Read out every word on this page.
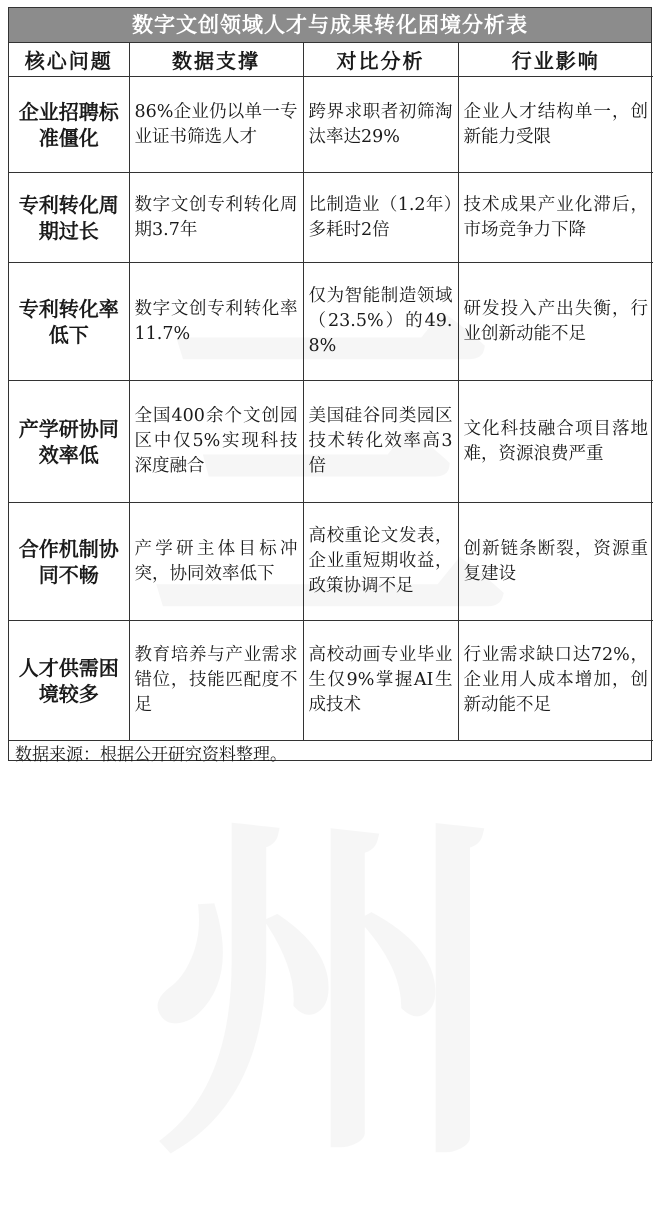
数字文创领域人才与成果转化困境分析表
核心问题	数据支撑	对比分析	行业影响
企业招聘标准僵化	86%企业仍以单一专业证书筛选人才	跨界求职者初筛淘汰率达29%	企业人才结构单一，创新能力受限
专利转化周期过长	数字文创专利转化周期3.7年	比制造业（1.2年）多耗时2倍	技术成果产业化滞后，市场竞争力下降
专利转化率低下	数字文创专利转化率11.7%	仅为智能制造领域（23.5%）的49.8%	研发投入产出失衡，行业创新动能不足
产学研协同效率低	全国400余个文创园区中仅5%实现科技深度融合	美国硅谷同类园区技术转化效率高3倍	文化科技融合项目落地难，资源浪费严重
合作机制协同不畅	产学研主体目标冲突，协同效率低下	高校重论文发表，企业重短期收益，政策协调不足	创新链条断裂，资源重复建设
人才供需困境较多	教育培养与产业需求错位，技能匹配度不足	高校动画专业毕业生仅9%掌握AI生成技术	行业需求缺口达72%，企业用人成本增加，创新动能不足
数据来源：根据公开研究资料整理。
